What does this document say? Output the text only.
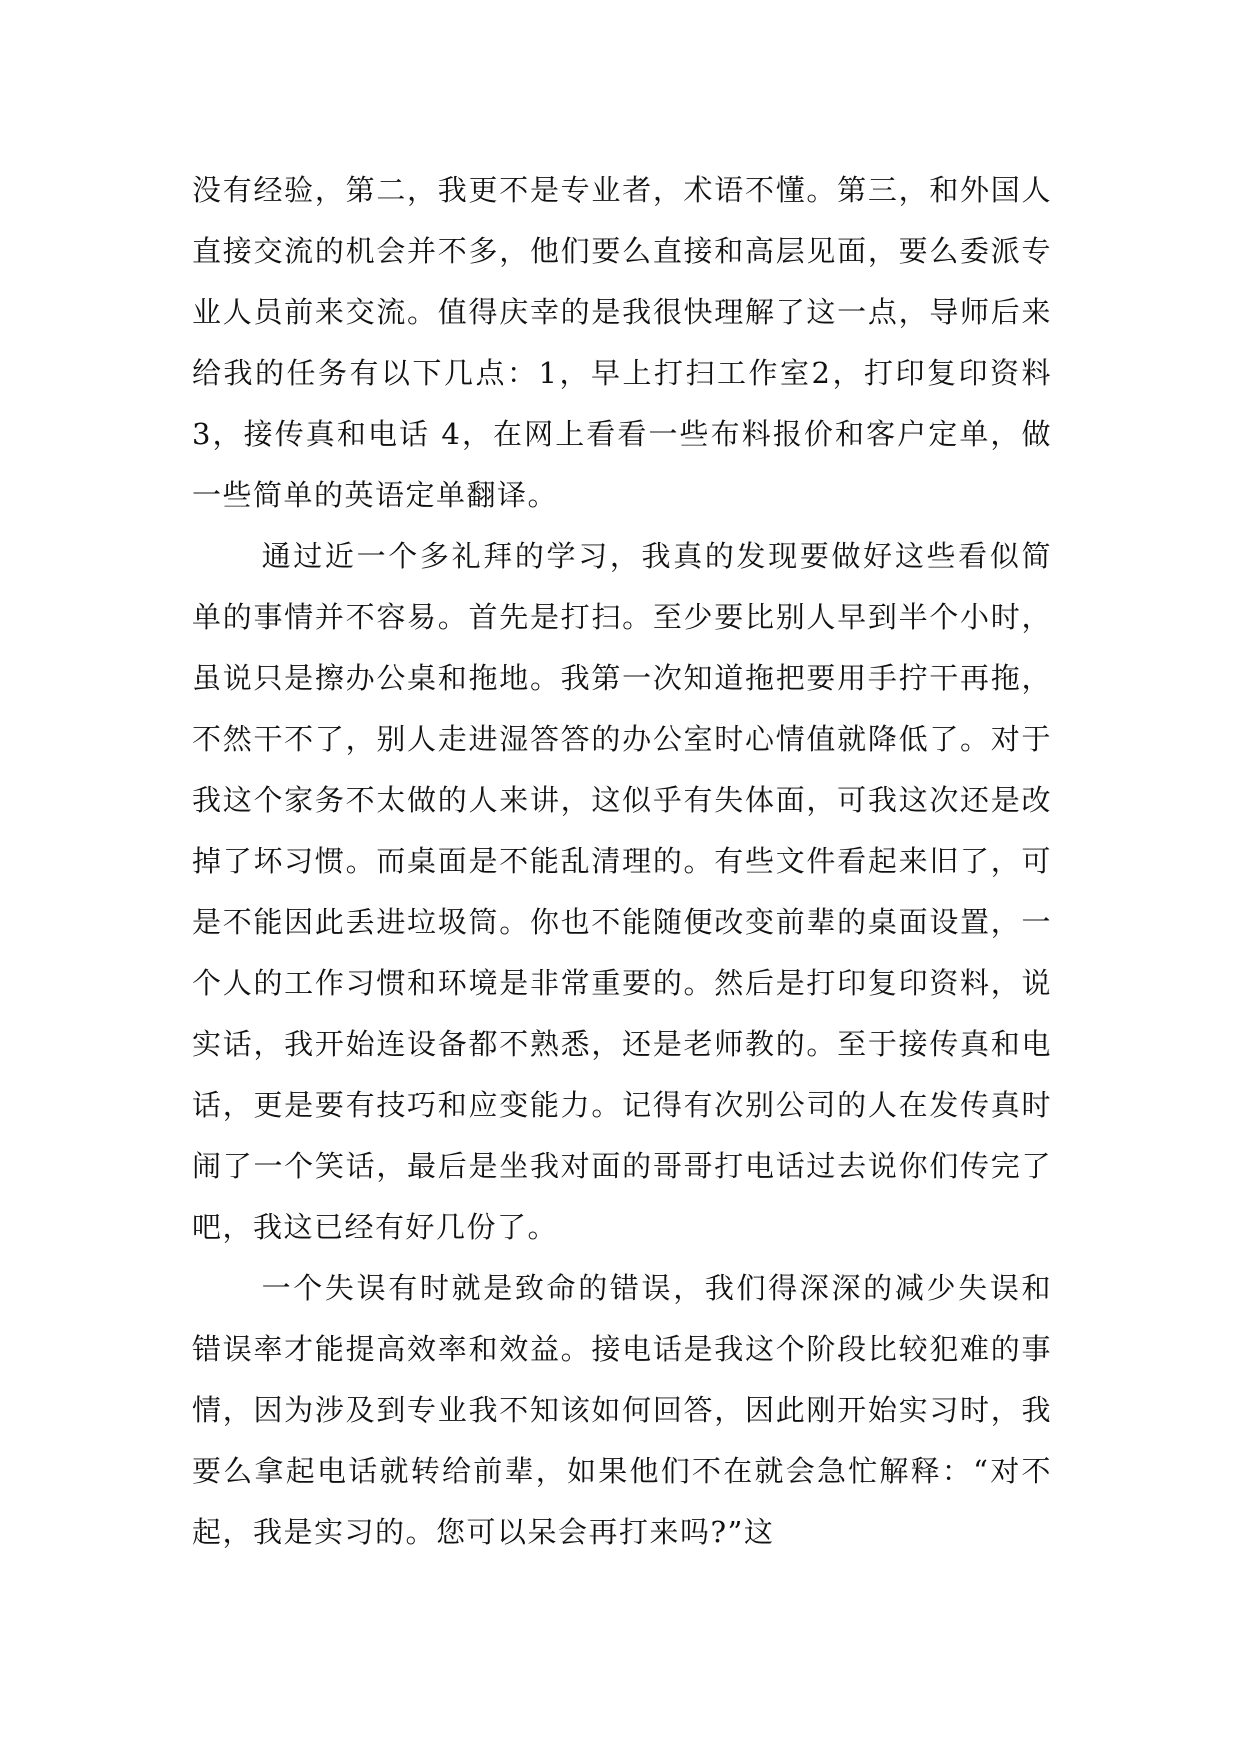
没有经验，第二，我更不是专业者，术语不懂。第三，和外国人直接交流的机会并不多，他们要么直接和高层见面，要么委派专业人员前来交流。值得庆幸的是我很快理解了这一点，导师后来给我的任务有以下几点：1，早上打扫工作室2，打印复印资料 3，接传真和电话 4，在网上看看一些布料报价和客户定单，做一些简单的英语定单翻译。

通过近一个多礼拜的学习，我真的发现要做好这些看似简单的事情并不容易。首先是打扫。至少要比别人早到半个小时，虽说只是擦办公桌和拖地。我第一次知道拖把要用手拧干再拖，不然干不了，别人走进湿答答的办公室时心情值就降低了。对于我这个家务不太做的人来讲，这似乎有失体面，可我这次还是改掉了坏习惯。而桌面是不能乱清理的。有些文件看起来旧了，可是不能因此丢进垃圾筒。你也不能随便改变前辈的桌面设置，一个人的工作习惯和环境是非常重要的。然后是打印复印资料，说实话，我开始连设备都不熟悉，还是老师教的。至于接传真和电话，更是要有技巧和应变能力。记得有次别公司的人在发传真时闹了一个笑话，最后是坐我对面的哥哥打电话过去说你们传完了吧，我这已经有好几份了。

一个失误有时就是致命的错误，我们得深深的减少失误和错误率才能提高效率和效益。接电话是我这个阶段比较犯难的事情，因为涉及到专业我不知该如何回答，因此刚开始实习时，我要么拿起电话就转给前辈，如果他们不在就会急忙解释：“对不起，我是实习的。您可以呆会再打来吗?”这
